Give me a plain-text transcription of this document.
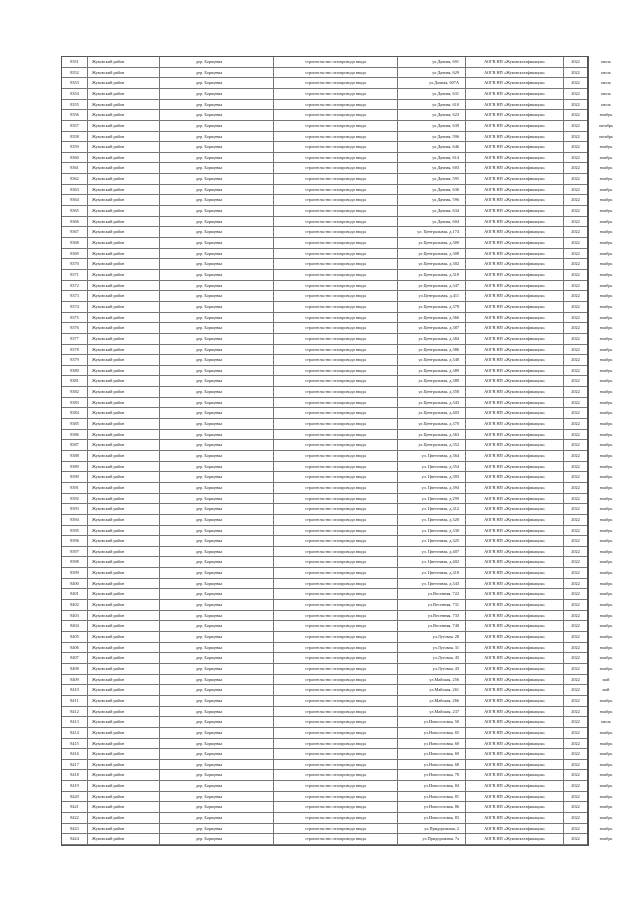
8351	Жуковский район	дер. Борщевка	строительство газопровода ввода	ул.Дачная, 691	АОГВ НП «Жуковскгазфикация»	2022	июль
8352	Жуковский район	дер. Борщевка	строительство газопровода ввода	ул.Дачная, 629	АОГВ НП «Жуковскгазфикация»	2022	июль
8353	Жуковский район	дер. Борщевка	строительство газопровода ввода	ул.Дачная, 607А	АОГВ НП «Жуковскгазфикация»	2022	июль
8354	Жуковский район	дер. Борщевка	строительство газопровода ввода	ул.Дачная, 631	АОГВ НП «Жуковскгазфикация»	2022	июль
8355	Жуковский район	дер. Борщевка	строительство газопровода ввода	ул.Дачная, 610	АОГВ НП «Жуковскгазфикация»	2022	июль
8356	Жуковский район	дер. Борщевка	строительство газопровода ввода	ул.Дачная, 623	АОГВ НП «Жуковскгазфикация»	2022	ноябрь
8357	Жуковский район	дер. Борщевка	строительство газопровода ввода	ул.Дачная, 639	АОГВ НП «Жуковскгазфикация»	2022	октябрь
8358	Жуковский район	дер. Борщевка	строительство газопровода ввода	ул.Дачная, 596	АОГВ НП «Жуковскгазфикация»	2022	октябрь
8359	Жуковский район	дер. Борщевка	строительство газопровода ввода	ул.Дачная, 646	АОГВ НП «Жуковскгазфикация»	2022	ноябрь
8360	Жуковский район	дер. Борщевка	строительство газопровода ввода	ул.Дачная, 614	АОГВ НП «Жуковскгазфикация»	2022	ноябрь
8361	Жуковский район	дер. Борщевка	строительство газопровода ввода	ул.Дачная, 603	АОГВ НП «Жуковскгазфикация»	2022	ноябрь
8362	Жуковский район	дер. Борщевка	строительство газопровода ввода	ул.Дачная, 595	АОГВ НП «Жуковскгазфикация»	2022	ноябрь
8363	Жуковский район	дер. Борщевка	строительство газопровода ввода	ул.Дачная, 636	АОГВ НП «Жуковскгазфикация»	2022	ноябрь
8364	Жуковский район	дер. Борщевка	строительство газопровода ввода	ул.Дачная, 596	АОГВ НП «Жуковскгазфикация»	2022	ноябрь
8365	Жуковский район	дер. Борщевка	строительство газопровода ввода	ул.Дачная, 634	АОГВ НП «Жуковскгазфикация»	2022	ноябрь
8366	Жуковский район	дер. Борщевка	строительство газопровода ввода	ул.Дачная, 604	АОГВ НП «Жуковскгазфикация»	2022	ноябрь
8367	Жуковский район	дер. Борщевка	строительство газопровода ввода	ул. Центральная, д.174	АОГВ НП «Жуковскгазфикация»	2022	ноябрь
8368	Жуковский район	дер. Борщевка	строительство газопровода ввода	ул.Центральная, д.300	АОГВ НП «Жуковскгазфикация»	2022	ноябрь
8369	Жуковский район	дер. Борщевка	строительство газопровода ввода	ул.Центральная, д.308	АОГВ НП «Жуковскгазфикация»	2022	ноябрь
8370	Жуковский район	дер. Борщевка	строительство газопровода ввода	ул.Центральная, д.302	АОГВ НП «Жуковскгазфикация»	2022	ноябрь
8371	Жуковский район	дер. Борщевка	строительство газопровода ввода	ул.Центральная, д.318	АОГВ НП «Жуковскгазфикация»	2022	ноябрь
8372	Жуковский район	дер. Борщевка	строительство газопровода ввода	ул.Центральная, д.347	АОГВ НП «Жуковскгазфикация»	2022	ноябрь
8373	Жуковский район	дер. Борщевка	строительство газопровода ввода	ул.Центральная, д.411	АОГВ НП «Жуковскгазфикация»	2022	ноябрь
8374	Жуковский район	дер. Борщевка	строительство газопровода ввода	ул.Центральная, д.378	АОГВ НП «Жуковскгазфикация»	2022	ноябрь
8375	Жуковский район	дер. Борщевка	строительство газопровода ввода	ул.Центральная, д.366	АОГВ НП «Жуковскгазфикация»	2022	ноябрь
8376	Жуковский район	дер. Борщевка	строительство газопровода ввода	ул.Центральная, д.387	АОГВ НП «Жуковскгазфикация»	2022	ноябрь
8377	Жуковский район	дер. Борщевка	строительство газопровода ввода	ул.Центральная, д.384	АОГВ НП «Жуковскгазфикация»	2022	ноябрь
8378	Жуковский район	дер. Борщевка	строительство газопровода ввода	ул.Центральная, д.386	АОГВ НП «Жуковскгазфикация»	2022	ноябрь
8379	Жуковский район	дер. Борщевка	строительство газопровода ввода	ул.Центральная, д.348	АОГВ НП «Жуковскгазфикация»	2022	ноябрь
8380	Жуковский район	дер. Борщевка	строительство газопровода ввода	ул.Центральная, д.389	АОГВ НП «Жуковскгазфикация»	2022	ноябрь
8381	Жуковский район	дер. Борщевка	строительство газопровода ввода	ул.Центральная, д.388	АОГВ НП «Жуковскгазфикация»	2022	ноябрь
8382	Жуковский район	дер. Борщевка	строительство газопровода ввода	ул.Центральная, д.358	АОГВ НП «Жуковскгазфикация»	2022	ноябрь
8383	Жуковский район	дер. Борщевка	строительство газопровода ввода	ул.Центральная, д.343	АОГВ НП «Жуковскгазфикация»	2022	ноябрь
8384	Жуковский район	дер. Борщевка	строительство газопровода ввода	ул.Центральная, д.403	АОГВ НП «Жуковскгазфикация»	2022	ноябрь
8385	Жуковский район	дер. Борщевка	строительство газопровода ввода	ул.Центральная, д.370	АОГВ НП «Жуковскгазфикация»	2022	ноябрь
8386	Жуковский район	дер. Борщевка	строительство газопровода ввода	ул.Центральная, д.363	АОГВ НП «Жуковскгазфикация»	2022	ноябрь
8387	Жуковский район	дер. Борщевка	строительство газопровода ввода	ул.Центральная, д.352	АОГВ НП «Жуковскгазфикация»	2022	ноябрь
8388	Жуковский район	дер. Борщевка	строительство газопровода ввода	ул. Цветочная, д.364	АОГВ НП «Жуковскгазфикация»	2022	ноябрь
8389	Жуковский район	дер. Борщевка	строительство газопровода ввода	ул. Цветочная, д.354	АОГВ НП «Жуковскгазфикация»	2022	ноябрь
8390	Жуковский район	дер. Борщевка	строительство газопровода ввода	ул. Цветочная, д.393	АОГВ НП «Жуковскгазфикация»	2022	ноябрь
8391	Жуковский район	дер. Борщевка	строительство газопровода ввода	ул. Цветочная, д.394	АОГВ НП «Жуковскгазфикация»	2022	ноябрь
8392	Жуковский район	дер. Борщевка	строительство газопровода ввода	ул. Цветочная, д.299	АОГВ НП «Жуковскгазфикация»	2022	ноябрь
8393	Жуковский район	дер. Борщевка	строительство газопровода ввода	ул. Цветочная, д.312	АОГВ НП «Жуковскгазфикация»	2022	ноябрь
8394	Жуковский район	дер. Борщевка	строительство газопровода ввода	ул. Цветочная, д.320	АОГВ НП «Жуковскгазфикация»	2022	ноябрь
8395	Жуковский район	дер. Борщевка	строительство газопровода ввода	ул. Цветочная, д.330	АОГВ НП «Жуковскгазфикация»	2022	ноябрь
8396	Жуковский район	дер. Борщевка	строительство газопровода ввода	ул. Цветочная, д.325	АОГВ НП «Жуковскгазфикация»	2022	ноябрь
8397	Жуковский район	дер. Борщевка	строительство газопровода ввода	ул. Цветочная, д.407	АОГВ НП «Жуковскгазфикация»	2022	ноябрь
8398	Жуковский район	дер. Борщевка	строительство газопровода ввода	ул. Цветочная, д.402	АОГВ НП «Жуковскгазфикация»	2022	ноябрь
8399	Жуковский район	дер. Борщевка	строительство газопровода ввода	ул. Цветочная, д.318	АОГВ НП «Жуковскгазфикация»	2022	ноябрь
8400	Жуковский район	дер. Борщевка	строительство газопровода ввода	ул. Цветочная, д.343	АОГВ НП «Жуковскгазфикация»	2022	ноябрь
8401	Жуковский район	дер. Борщевка	строительство газопровода ввода	ул.Весенняя, 722	АОГВ НП «Жуковскгазфикация»	2022	ноябрь
8402	Жуковский район	дер. Борщевка	строительство газопровода ввода	ул.Весенняя, 731	АОГВ НП «Жуковскгазфикация»	2022	ноябрь
8403	Жуковский район	дер. Борщевка	строительство газопровода ввода	ул.Весенняя, 733	АОГВ НП «Жуковскгазфикация»	2022	ноябрь
8404	Жуковский район	дер. Борщевка	строительство газопровода ввода	ул.Весенняя, 740	АОГВ НП «Жуковскгазфикация»	2022	ноябрь
8405	Жуковский район	дер. Борщевка	строительство газопровода ввода	ул.Луговая, 28	АОГВ НП «Жуковскгазфикация»	2022	ноябрь
8406	Жуковский район	дер. Борщевка	строительство газопровода ввода	ул.Луговая, 31	АОГВ НП «Жуковскгазфикация»	2022	ноябрь
8407	Жуковский район	дер. Борщевка	строительство газопровода ввода	ул.Луговая, 45	АОГВ НП «Жуковскгазфикация»	2022	ноябрь
8408	Жуковский район	дер. Борщевка	строительство газопровода ввода	ул.Луговая, 43	АОГВ НП «Жуковскгазфикация»	2022	ноябрь
8409	Жуковский район	дер. Борщевка	строительство газопровода ввода	ул.Майская, 256	АОГВ НП «Жуковскгазфикация»	2022	май
8410	Жуковский район	дер. Борщевка	строительство газопровода ввода	ул.Майская, 261	АОГВ НП «Жуковскгазфикация»	2022	май
8411	Жуковский район	дер. Борщевка	строительство газопровода ввода	ул.Майская, 266	АОГВ НП «Жуковскгазфикация»	2022	ноябрь
8412	Жуковский район	дер. Борщевка	строительство газопровода ввода	ул.Майская, 237	АОГВ НП «Жуковскгазфикация»	2022	ноябрь
8413	Жуковский район	дер. Борщевка	строительство газопровода ввода	ул.Новоселовая, 50	АОГВ НП «Жуковскгазфикация»	2022	июль
8414	Жуковский район	дер. Борщевка	строительство газопровода ввода	ул.Новоселовая, 65	АОГВ НП «Жуковскгазфикация»	2022	ноябрь
8415	Жуковский район	дер. Борщевка	строительство газопровода ввода	ул.Новоселовая, 60	АОГВ НП «Жуковскгазфикация»	2022	ноябрь
8416	Жуковский район	дер. Борщевка	строительство газопровода ввода	ул.Новоселовая, 69	АОГВ НП «Жуковскгазфикация»	2022	ноябрь
8417	Жуковский район	дер. Борщевка	строительство газопровода ввода	ул.Новоселовая, 68	АОГВ НП «Жуковскгазфикация»	2022	ноябрь
8418	Жуковский район	дер. Борщевка	строительство газопровода ввода	ул.Новоселовая, 78	АОГВ НП «Жуковскгазфикация»	2022	ноябрь
8419	Жуковский район	дер. Борщевка	строительство газопровода ввода	ул.Новоселовая, 84	АОГВ НП «Жуковскгазфикация»	2022	ноябрь
8420	Жуковский район	дер. Борщевка	строительство газопровода ввода	ул.Новоселовая, 81	АОГВ НП «Жуковскгазфикация»	2022	ноябрь
8421	Жуковский район	дер. Борщевка	строительство газопровода ввода	ул.Новоселовая, 86	АОГВ НП «Жуковскгазфикация»	2022	ноябрь
8422	Жуковский район	дер. Борщевка	строительство газопровода ввода	ул.Новоселовая, 83	АОГВ НП «Жуковскгазфикация»	2022	ноябрь
8423	Жуковский район	дер. Борщевка	строительство газопровода ввода	ул.Придорожная, 2	АОГВ НП «Жуковскгазфикация»	2022	ноябрь
8424	Жуковский район	дер. Борщевка	строительство газопровода ввода	ул.Придорожная, 7а	АОГВ НП «Жуковскгазфикация»	2022	ноябрь
